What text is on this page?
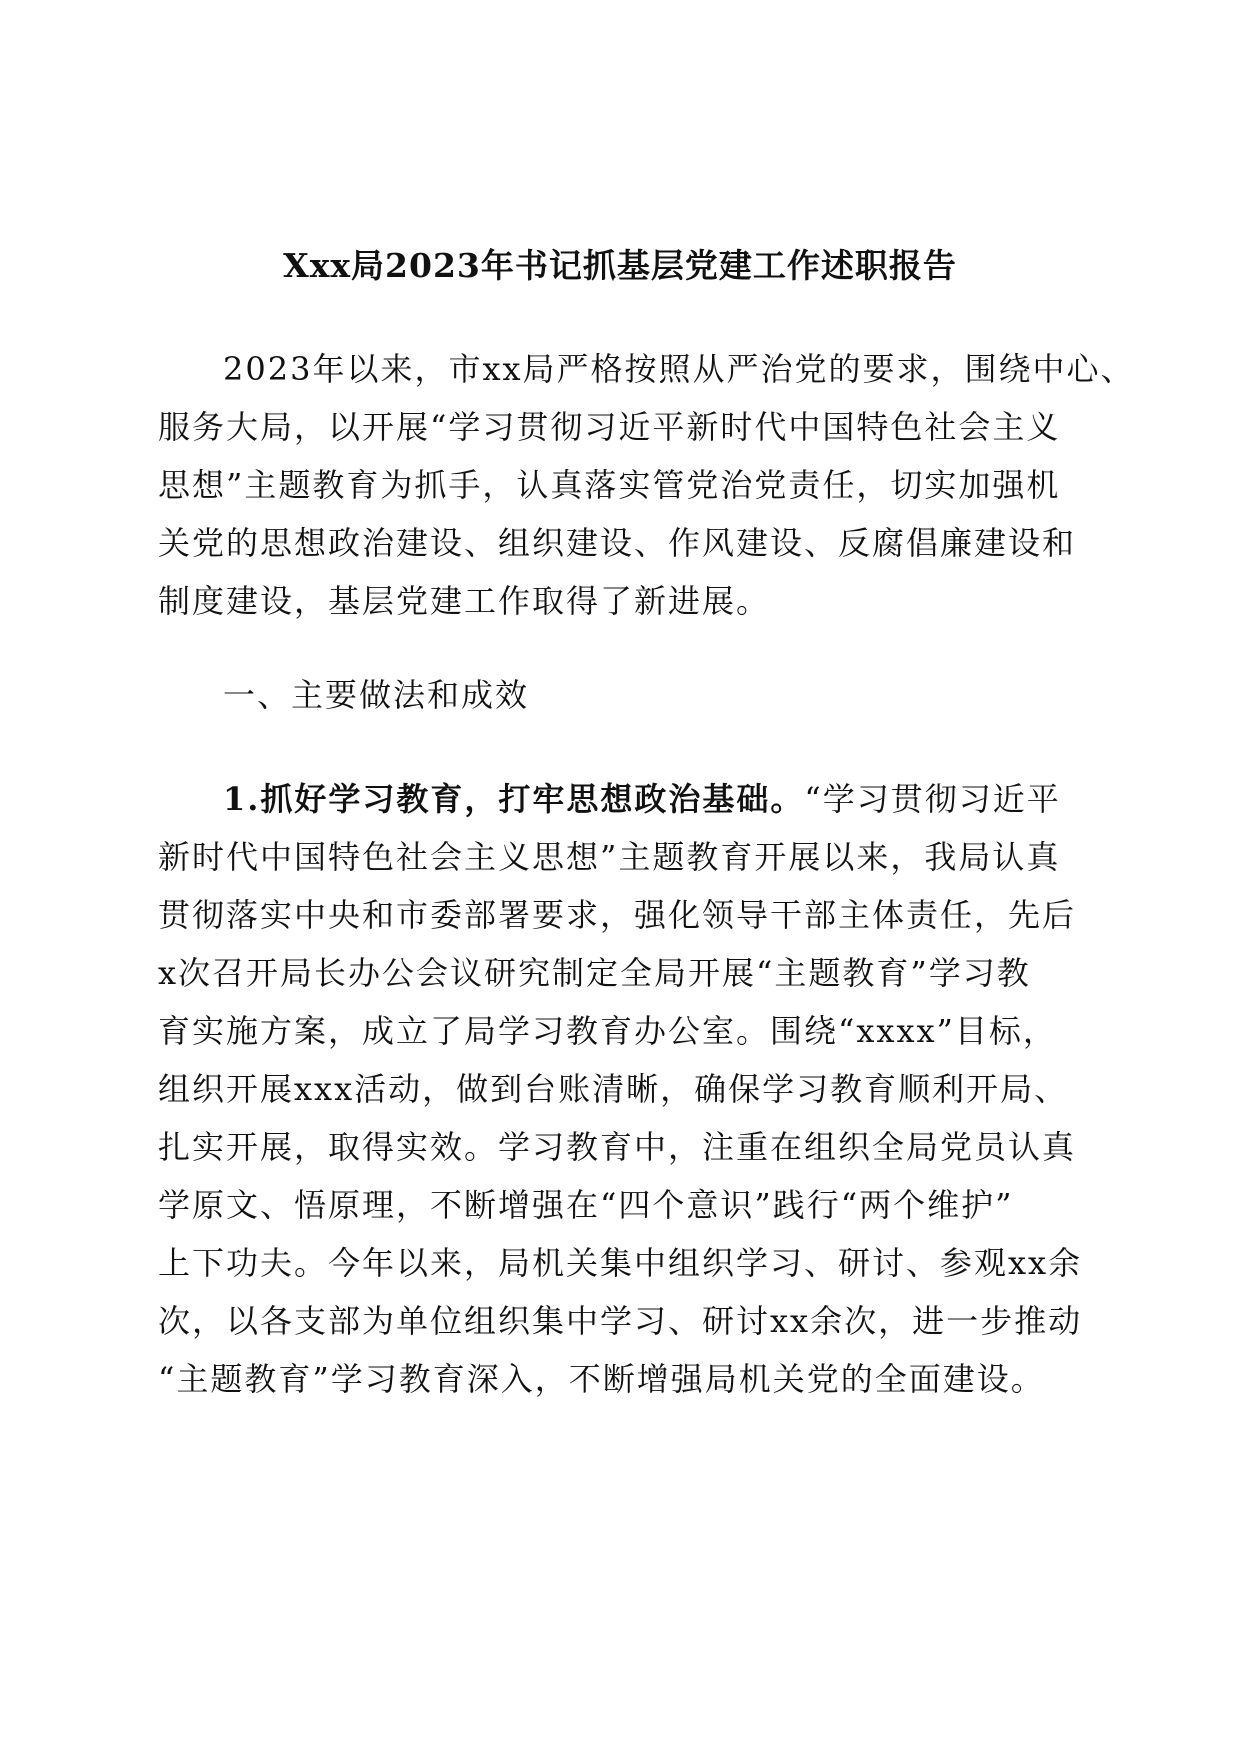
Xxx局2023年书记抓基层党建工作述职报告

2023年以来，市xx局严格按照从严治党的要求，围绕中心、

服务大局，以开展“学习贯彻习近平新时代中国特色社会主义

思想”主题教育为抓手，认真落实管党治党责任，切实加强机

关党的思想政治建设、组织建设、作风建设、反腐倡廉建设和

制度建设，基层党建工作取得了新进展。

一、主要做法和成效

1.抓好学习教育，打牢思想政治基础。“学习贯彻习近平

新时代中国特色社会主义思想”主题教育开展以来，我局认真

贯彻落实中央和市委部署要求，强化领导干部主体责任，先后

x次召开局长办公会议研究制定全局开展“主题教育”学习教

育实施方案，成立了局学习教育办公室。围绕“xxxx”目标，

组织开展xxx活动，做到台账清晰，确保学习教育顺利开局、

扎实开展，取得实效。学习教育中，注重在组织全局党员认真

学原文、悟原理，不断增强在“四个意识”践行“两个维护”

上下功夫。今年以来，局机关集中组织学习、研讨、参观xx余

次，以各支部为单位组织集中学习、研讨xx余次，进一步推动

“主题教育”学习教育深入，不断增强局机关党的全面建设。
